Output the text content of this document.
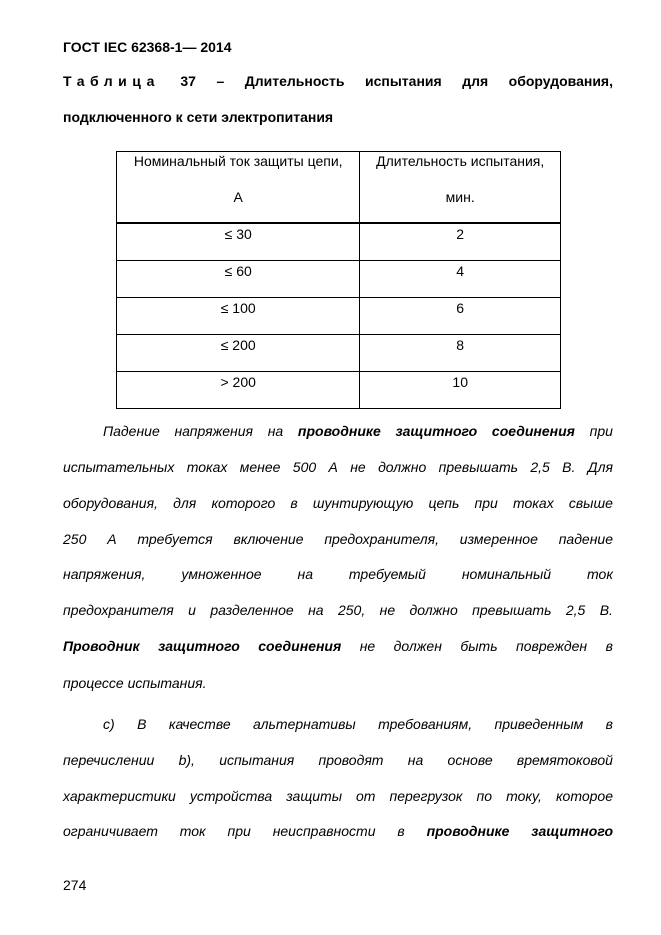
ГОСТ IEC 62368-1— 2014
Таблица 37 – Длительность испытания для оборудования,
подключенного к сети электропитания
Номинальный ток защиты цепи,
А	Длительность испытания,
мин.

≤ 30	2
≤ 60	4
≤ 100	6
≤ 200	8
> 200	10
Падение напряжения на проводнике защитного соединения при
испытательных токах менее 500 А не должно превышать 2,5 В. Для
оборудования, для которого в шунтирующую цепь при токах свыше
250 А требуется включение предохранителя, измеренное падение
напряжения,	умноженное	на	требуемый	номинальный	ток
предохранителя и разделенное на 250, не должно превышать 2,5 В.
Проводник защитного соединения не должен быть поврежден в
процессе испытания.
c) В качестве альтернативы требованиям, приведенным в
перечислении b), испытания проводят на основе времятоковой
характеристики устройства защиты от перегрузок по току, которое
ограничивает ток при неисправности в проводнике защитного
274
